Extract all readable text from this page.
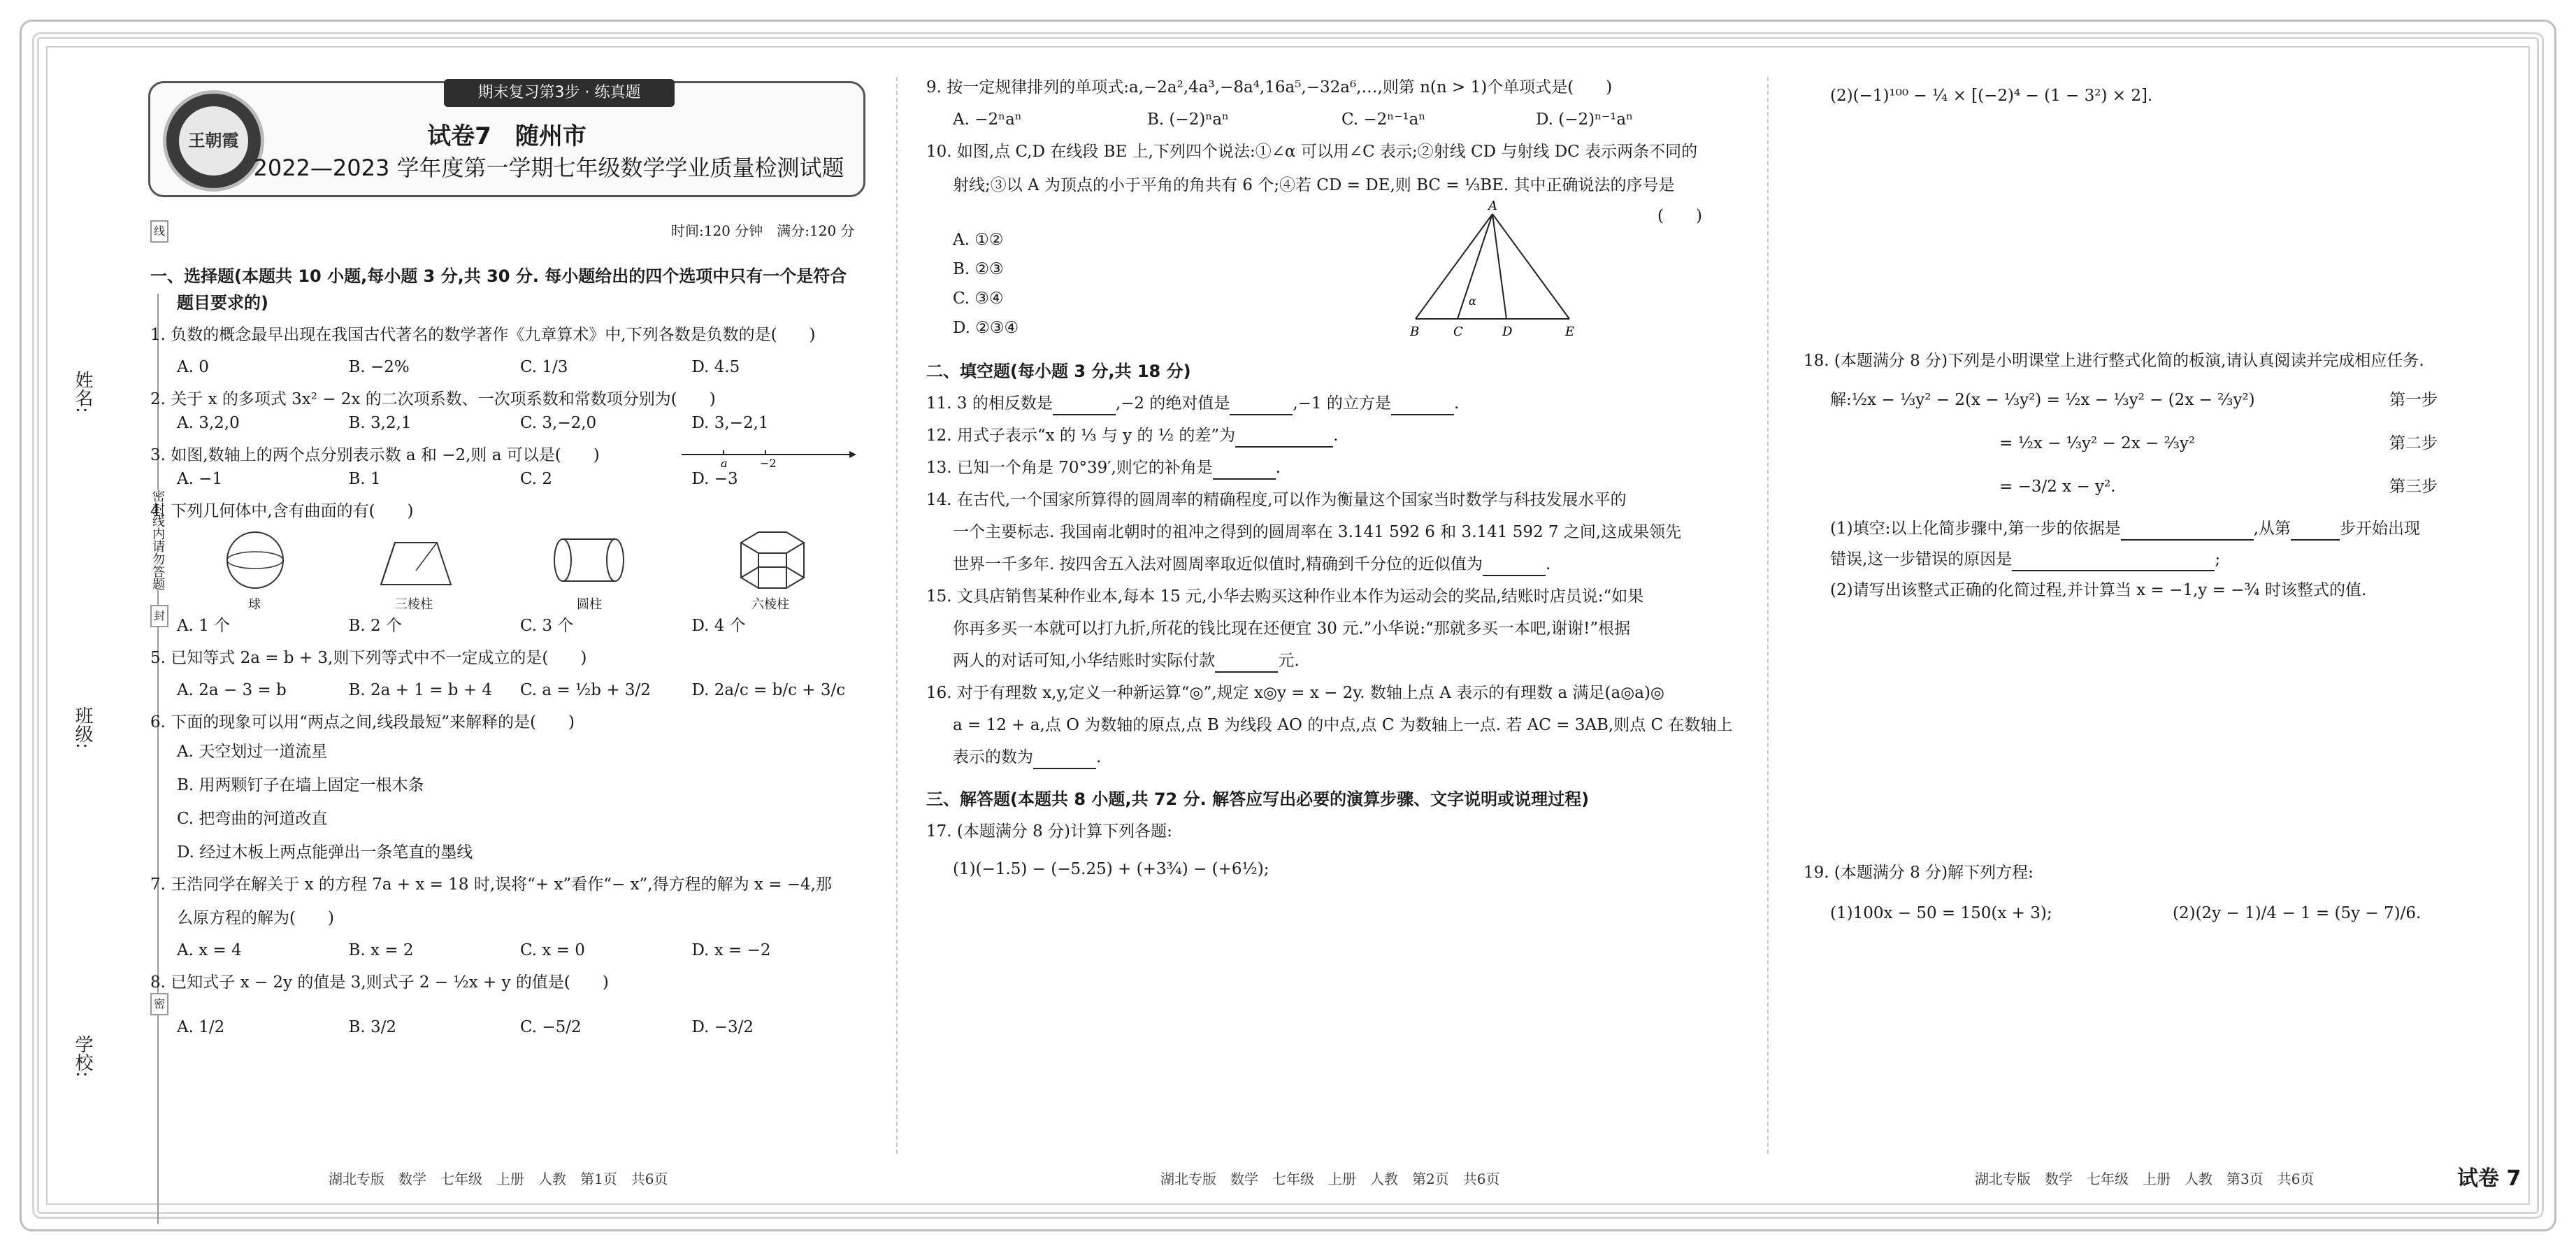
姓名:
班级:
学校:
线
封
密
密封线内请勿答题
期末复习第3步 · 练真题
王朝霞	试卷7　随州市
2022—2023 学年度第一学期七年级数学学业质量检测试题
时间:120 分钟　满分:120 分
一、选择题(本题共 10 小题,每小题 3 分,共 30 分. 每小题给出的四个选项中只有一个是符合
题目要求的)
1. 负数的概念最早出现在我国古代著名的数学著作《九章算术》中,下列各数是负数的是(　　)
A. 0	B. −2%	C. 1/3	D. 4.5
2. 关于 x 的多项式 3x² − 2x 的二次项系数、一次项系数和常数项分别为(　　)
A. 3,2,0	B. 3,2,1	C. 3,−2,0	D. 3,−2,1
3. 如图,数轴上的两个点分别表示数 a 和 −2,则 a 可以是(　　)	a	−2
A. −1	B. 1	C. 2	D. −3
4. 下列几何体中,含有曲面的有(　　)
球	三棱柱	圆柱	六棱柱
A. 1 个	B. 2 个	C. 3 个	D. 4 个
5. 已知等式 2a = b + 3,则下列等式中不一定成立的是(　　)
A. 2a − 3 = b	B. 2a + 1 = b + 4	C. a = ½b + 3/2	D. 2a/c = b/c + 3/c
6. 下面的现象可以用“两点之间,线段最短”来解释的是(　　)
A. 天空划过一道流星
B. 用两颗钉子在墙上固定一根木条
C. 把弯曲的河道改直
D. 经过木板上两点能弹出一条笔直的墨线
7. 王浩同学在解关于 x 的方程 7a + x = 18 时,误将“+ x”看作“− x”,得方程的解为 x = −4,那
么原方程的解为(　　)
A. x = 4	B. x = 2	C. x = 0	D. x = −2
8. 已知式子 x − 2y 的值是 3,则式子 2 − ½x + y 的值是(　　)
A. 1/2	B. 3/2	C. −5/2	D. −3/2
9. 按一定规律排列的单项式:a,−2a²,4a³,−8a⁴,16a⁵,−32a⁶,…,则第 n(n > 1)个单项式是(　　)
A. −2ⁿaⁿ	B. (−2)ⁿaⁿ	C. −2ⁿ⁻¹aⁿ	D. (−2)ⁿ⁻¹aⁿ
10. 如图,点 C,D 在线段 BE 上,下列四个说法:①∠α 可以用∠C 表示;②射线 CD 与射线 DC 表示两条不同的
射线;③以 A 为顶点的小于平角的角共有 6 个;④若 CD = DE,则 BC = ⅓BE. 其中正确说法的序号是
(　　)
A. ①②
B. ②③
C. ③④
D. ②③④
A
B	C	D	E
α
二、填空题(每小题 3 分,共 18 分)
11. 3 的相反数是	,−2 的绝对值是	,−1 的立方是	.
12. 用式子表示“x 的 ⅓ 与 y 的 ½ 的差”为	.
13. 已知一个角是 70°39′,则它的补角是	.
14. 在古代,一个国家所算得的圆周率的精确程度,可以作为衡量这个国家当时数学与科技发展水平的
一个主要标志. 我国南北朝时的祖冲之得到的圆周率在 3.141 592 6 和 3.141 592 7 之间,这成果领先
世界一千多年. 按四舍五入法对圆周率取近似值时,精确到千分位的近似值为	.
15. 文具店销售某种作业本,每本 15 元,小华去购买这种作业本作为运动会的奖品,结账时店员说:“如果
你再多买一本就可以打九折,所花的钱比现在还便宜 30 元.”小华说:“那就多买一本吧,谢谢!”根据
两人的对话可知,小华结账时实际付款	元.
16. 对于有理数 x,y,定义一种新运算“◎”,规定 x◎y = x − 2y. 数轴上点 A 表示的有理数 a 满足(a◎a)◎
a = 12 + a,点 O 为数轴的原点,点 B 为线段 AO 的中点,点 C 为数轴上一点. 若 AC = 3AB,则点 C 在数轴上
表示的数为	.
三、解答题(本题共 8 小题,共 72 分. 解答应写出必要的演算步骤、文字说明或说理过程)
17. (本题满分 8 分)计算下列各题:
(1)(−1.5) − (−5.25) + (+3¾) − (+6½);
(2)(−1)¹⁰⁰ − ¼ × [(−2)⁴ − (1 − 3²) × 2].
18. (本题满分 8 分)下列是小明课堂上进行整式化简的板演,请认真阅读并完成相应任务.
解:½x − ⅓y² − 2(x − ⅓y²) = ½x − ⅓y² − (2x − ⅔y²)	第一步
= ½x − ⅓y² − 2x − ⅔y²	第二步
= −3/2 x − y².	第三步
(1)填空:以上化简步骤中,第一步的依据是	,从第	步开始出现
错误,这一步错误的原因是	;
(2)请写出该整式正确的化简过程,并计算当 x = −1,y = −¾ 时该整式的值.
19. (本题满分 8 分)解下列方程:
(1)100x − 50 = 150(x + 3);	(2)(2y − 1)/4 − 1 = (5y − 7)/6.
湖北专版　数学　七年级　上册　人教　第1页　共6页	湖北专版　数学　七年级　上册　人教　第2页　共6页	湖北专版　数学　七年级　上册　人教　第3页　共6页	试卷 7
